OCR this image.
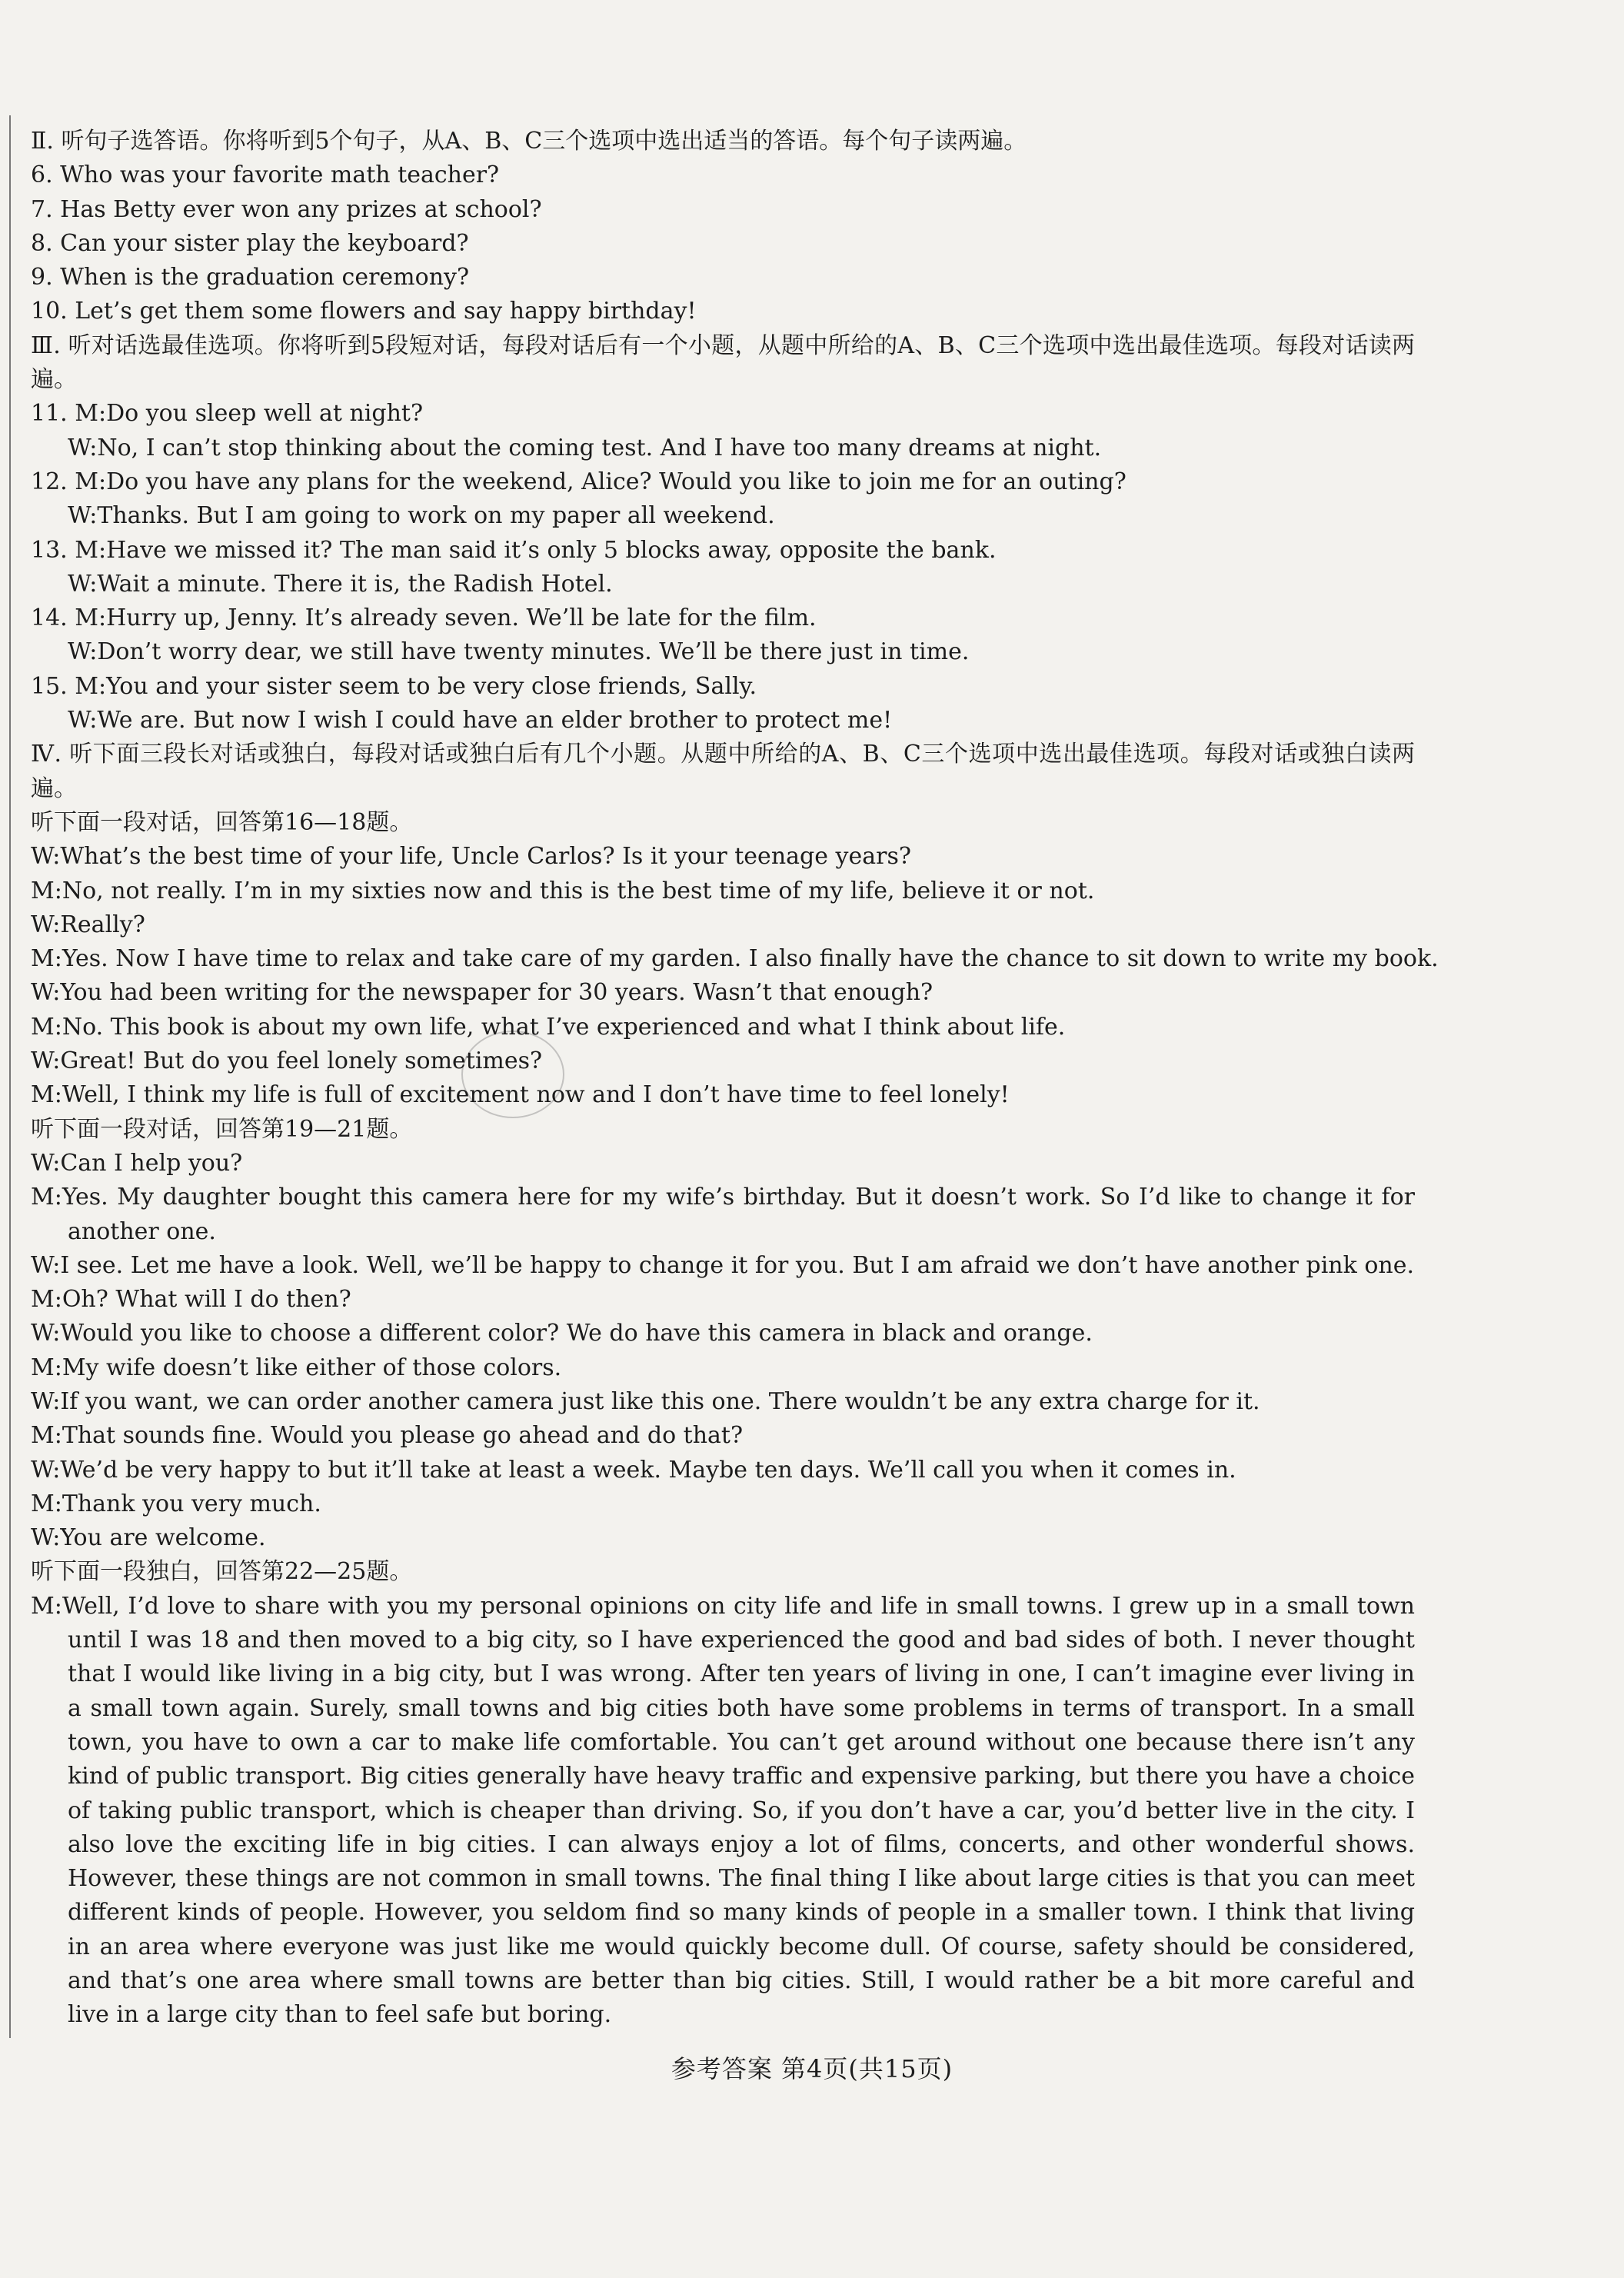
Ⅱ. 听句子选答语。你将听到5个句子，从A、B、C三个选项中选出适当的答语。每个句子读两遍。
6. Who was your favorite math teacher?
7. Has Betty ever won any prizes at school?
8. Can your sister play the keyboard?
9. When is the graduation ceremony?
10. Let’s get them some flowers and say happy birthday!
Ⅲ. 听对话选最佳选项。你将听到5段短对话，每段对话后有一个小题，从题中所给的A、B、C三个选项中选出最佳选项。每段对话读两遍。
11. M:Do you sleep well at night?
W:No, I can’t stop thinking about the coming test. And I have too many dreams at night.
12. M:Do you have any plans for the weekend, Alice? Would you like to join me for an outing?
W:Thanks. But I am going to work on my paper all weekend.
13. M:Have we missed it? The man said it’s only 5 blocks away, opposite the bank.
W:Wait a minute. There it is, the Radish Hotel.
14. M:Hurry up, Jenny. It’s already seven. We’ll be late for the film.
W:Don’t worry dear, we still have twenty minutes. We’ll be there just in time.
15. M:You and your sister seem to be very close friends, Sally.
W:We are. But now I wish I could have an elder brother to protect me!
Ⅳ. 听下面三段长对话或独白，每段对话或独白后有几个小题。从题中所给的A、B、C三个选项中选出最佳选项。每段对话或独白读两遍。
听下面一段对话，回答第16—18题。
W:What’s the best time of your life, Uncle Carlos? Is it your teenage years?
M:No, not really. I’m in my sixties now and this is the best time of my life, believe it or not.
W:Really?
M:Yes. Now I have time to relax and take care of my garden. I also finally have the chance to sit down to write my book.
W:You had been writing for the newspaper for 30 years. Wasn’t that enough?
M:No. This book is about my own life, what I’ve experienced and what I think about life.
W:Great! But do you feel lonely sometimes?
M:Well, I think my life is full of excitement now and I don’t have time to feel lonely!
听下面一段对话，回答第19—21题。
W:Can I help you?
M:Yes. My daughter bought this camera here for my wife’s birthday. But it doesn’t work. So I’d like to change it for another one.
W:I see. Let me have a look. Well, we’ll be happy to change it for you. But I am afraid we don’t have another pink one.
M:Oh? What will I do then?
W:Would you like to choose a different color? We do have this camera in black and orange.
M:My wife doesn’t like either of those colors.
W:If you want, we can order another camera just like this one. There wouldn’t be any extra charge for it.
M:That sounds fine. Would you please go ahead and do that?
W:We’d be very happy to but it’ll take at least a week. Maybe ten days. We’ll call you when it comes in.
M:Thank you very much.
W:You are welcome.
听下面一段独白，回答第22—25题。
M:Well, I’d love to share with you my personal opinions on city life and life in small towns. I grew up in a small town until I was 18 and then moved to a big city, so I have experienced the good and bad sides of both. I never thought that I would like living in a big city, but I was wrong. After ten years of living in one, I can’t imagine ever living in a small town again. Surely, small towns and big cities both have some problems in terms of transport. In a small town, you have to own a car to make life comfortable. You can’t get around without one because there isn’t any kind of public transport. Big cities generally have heavy traffic and expensive parking, but there you have a choice of taking public transport, which is cheaper than driving. So, if you don’t have a car, you’d better live in the city. I also love the exciting life in big cities. I can always enjoy a lot of films, concerts, and other wonderful shows. However, these things are not common in small towns. The final thing I like about large cities is that you can meet different kinds of people. However, you seldom find so many kinds of people in a smaller town. I think that living in an area where everyone was just like me would quickly become dull. Of course, safety should be considered, and that’s one area where small towns are better than big cities. Still, I would rather be a bit more careful and live in a large city than to feel safe but boring.
参考答案 第4页(共15页)
